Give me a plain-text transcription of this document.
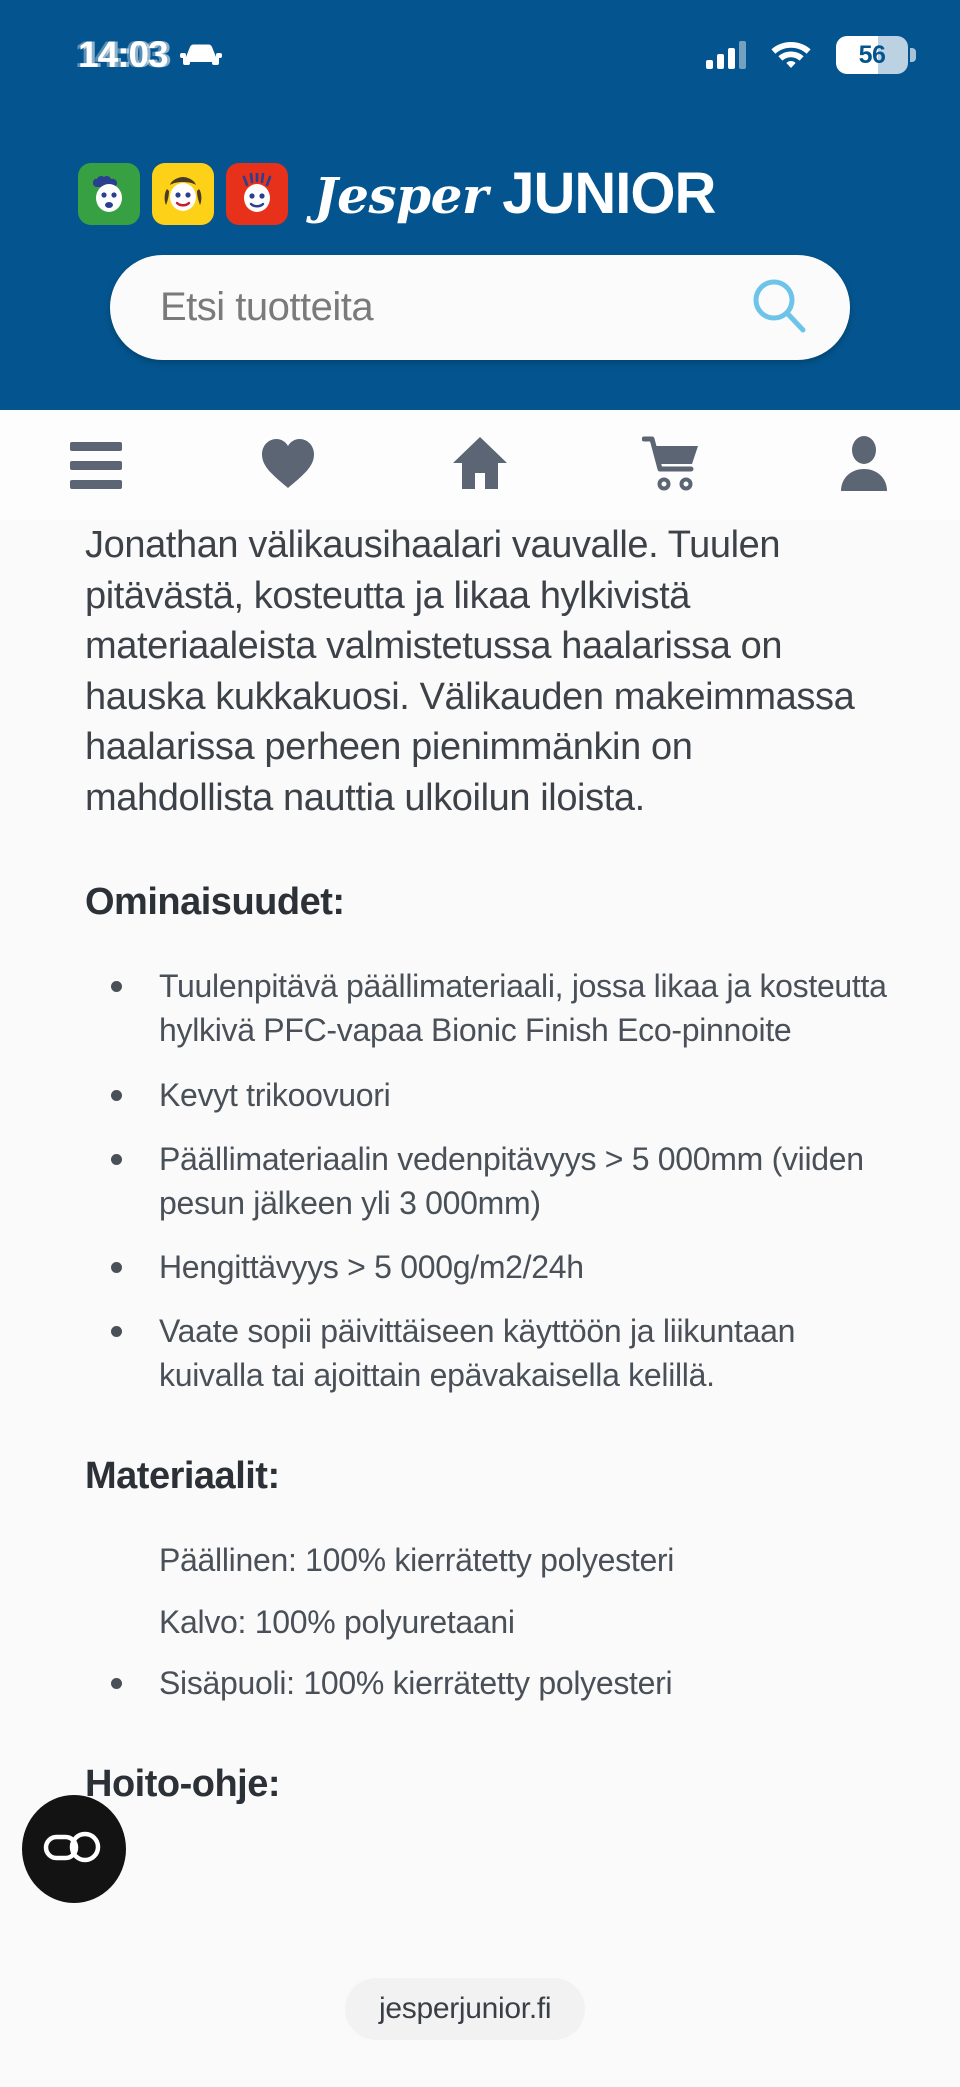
14:03	56
Jesper JUNIOR
Etsi tuotteita

Jonathan välikausihaalari vauvalle. Tuulen pitävästä, kosteutta ja likaa hylkivistä materiaaleista valmistetussa haalarissa on hauska kukkakuosi. Välikauden makeimmassa haalarissa perheen pienimmänkin on mahdollista nauttia ulkoilun iloista.

Ominaisuudet:
Tuulenpitävä päällimateriaali, jossa likaa ja kosteutta hylkivä PFC-vapaa Bionic Finish Eco-pinnoite
Kevyt trikoovuori
Päällimateriaalin vedenpitävyys > 5 000mm (viiden pesun jälkeen yli 3 000mm)
Hengittävyys > 5 000g/m2/24h
Vaate sopii päivittäiseen käyttöön ja liikuntaan kuivalla tai ajoittain epävakaisella kelillä.
Materiaalit:
Päällinen: 100% kierrätetty polyesteri
Kalvo: 100% polyuretaani
Sisäpuoli: 100% kierrätetty polyesteri
Hoito-ohje:
jesperjunior.fi
